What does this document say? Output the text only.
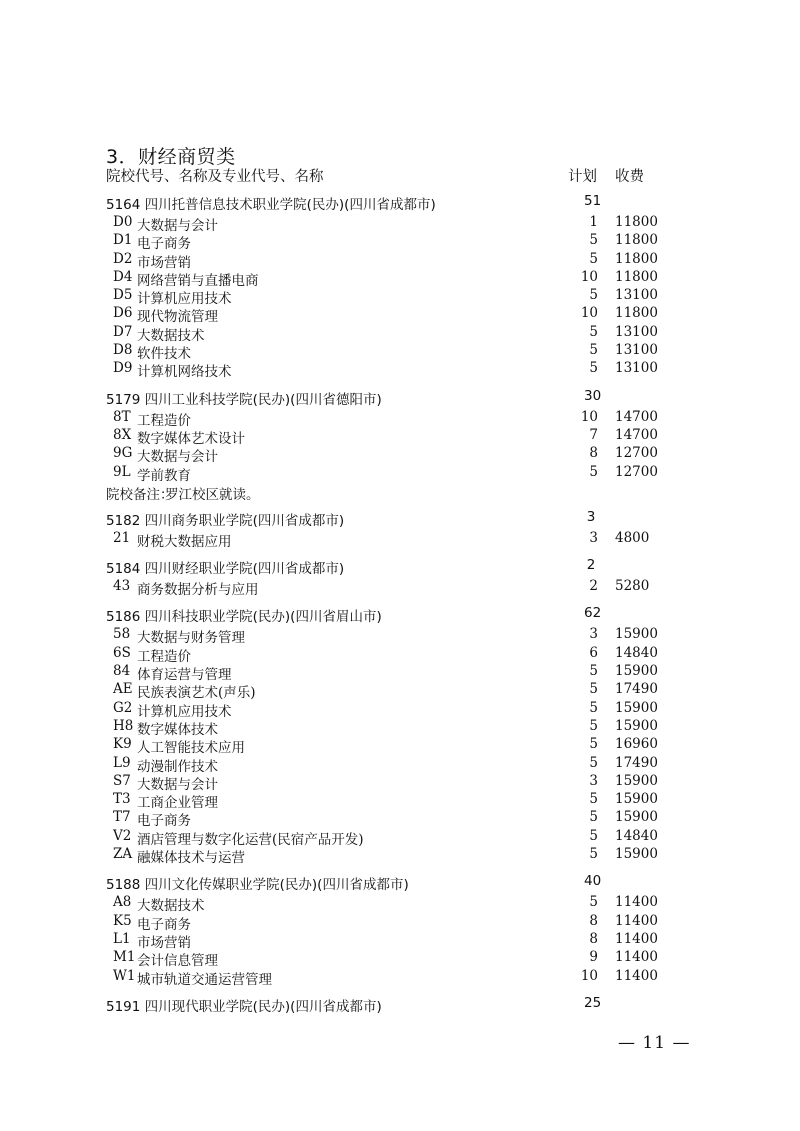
3．财经商贸类
院校代号、名称及专业代号、名称	计划 收费
5164 四川托普信息技术职业学院(民办)(四川省成都市)	51
D0 大数据与会计	1 11800
D1 电子商务	5 11800
D2 市场营销	5 11800
D4 网络营销与直播电商	10 11800
D5 计算机应用技术	5 13100
D6 现代物流管理	10 11800
D7 大数据技术	5 13100
D8 软件技术	5 13100
D9 计算机网络技术	5 13100
5179 四川工业科技学院(民办)(四川省德阳市)	30
8T 工程造价	10 14700
8X 数字媒体艺术设计	7 14700
9G 大数据与会计	8 12700
9L 学前教育	5 12700
院校备注：
罗江校区就读。
5182 四川商务职业学院(四川省成都市)	3
21 财税大数据应用	3 4800
5184 四川财经职业学院(四川省成都市)	2
43 商务数据分析与应用	2 5280
5186 四川科技职业学院(民办)(四川省眉山市)	62
58 大数据与财务管理	3 15900
6S 工程造价	6 14840
84 体育运营与管理	5 15900
AE 民族表演艺术(声乐)	5 17490
G2 计算机应用技术	5 15900
H8 数字媒体技术	5 15900
K9 人工智能技术应用	5 16960
L9 动漫制作技术	5 17490
S7 大数据与会计	3 15900
T3 工商企业管理	5 15900
T7 电子商务	5 15900
V2 酒店管理与数字化运营(民宿产品开发)	5 14840
ZA 融媒体技术与运营	5 15900
5188 四川文化传媒职业学院(民办)(四川省成都市)	40
A8 大数据技术	5 11400
K5 电子商务	8 11400
L1 市场营销	8 11400
M1 会计信息管理	9 11400
W1 城市轨道交通运营管理	10 11400
5191 四川现代职业学院(民办)(四川省成都市)	25
— 11 —
